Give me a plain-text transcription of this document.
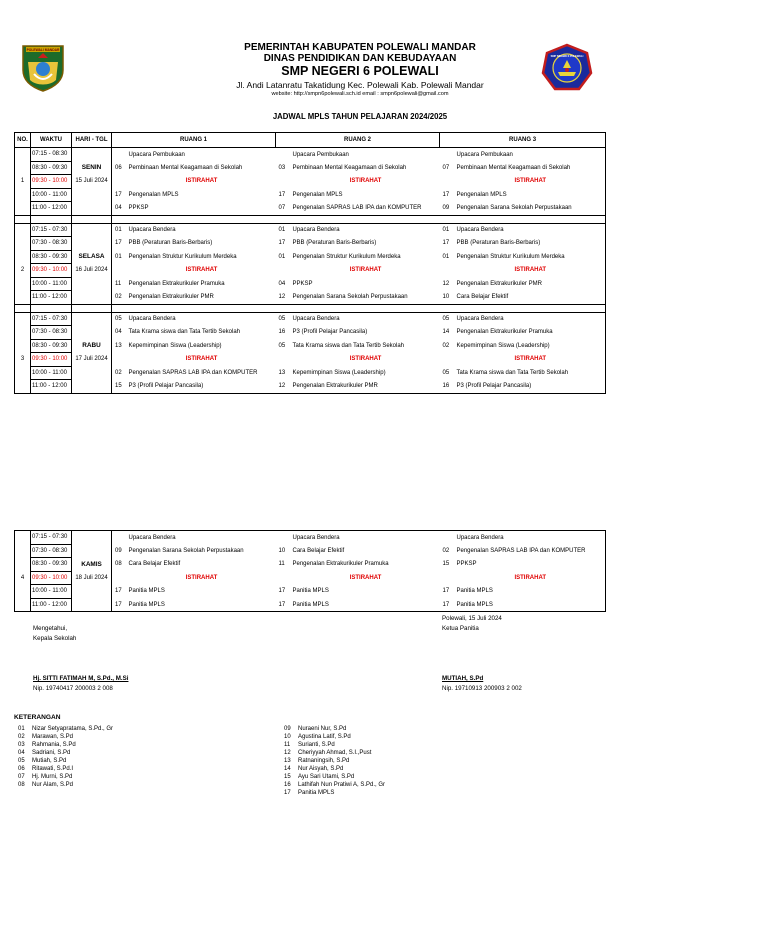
POLEWALI MANDAR	PEMERINTAH KABUPATEN POLEWALI MANDAR
DINAS PENDIDIKAN DAN KEBUDAYAAN
SMP NEGERI 6 POLEWALI
Jl. Andi Latanratu Takatidung Kec. Polewali Kab. Polewali Mandar
website: http://smpn6polewali.sch.id email : smpn6polewali@gmail.com
SMP NEGERI 6 POLEWALI
JADWAL MPLS TAHUN PELAJARAN 2024/2025
NO.	WAKTU	HARI - TGL	RUANG 1		RUANG 2		RUANG 3	
	07:15 - 08:30			Upacara Pembukaan		Upacara Pembukaan		Upacara Pembukaan
	08:30 - 09:30	SENIN	06	Pembinaan Mental Keagamaan di Sekolah	03	Pembinaan Mental Keagamaan di Sekolah	07	Pembinaan Mental Keagamaan di Sekolah
1	09:30 - 10:00	15 Juli 2024		ISTIRAHAT		ISTIRAHAT		ISTIRAHAT
	10:00 - 11:00		17	Pengenalan MPLS	17	Pengenalan MPLS	17	Pengenalan MPLS
	11:00 - 12:00		04	PPKSP	07	Pengenalan SAPRAS LAB IPA dan KOMPUTER	09	Pengenalan Sarana Sekolah Perpustakaan

	07:15 - 07:30		01	Upacara Bendera	01	Upacara Bendera	01	Upacara Bendera
	07:30 - 08:30		17	PBB (Peraturan Baris-Berbaris)	17	PBB (Peraturan Baris-Berbaris)	17	PBB (Peraturan Baris-Berbaris)
	08:30 - 09:30	SELASA	01	Pengenalan Struktur Kurikulum Merdeka	01	Pengenalan Struktur Kurikulum Merdeka	01	Pengenalan Struktur Kurikulum Merdeka
2	09:30 - 10:00	16 Juli 2024		ISTIRAHAT		ISTIRAHAT		ISTIRAHAT
	10:00 - 11:00		11	Pengenalan Ektrakurikuler Pramuka	04	PPKSP	12	Pengenalan Ektrakurikuler PMR
	11:00 - 12:00		02	Pengenalan Ektrakurikuler PMR	12	Pengenalan Sarana Sekolah Perpustakaan	10	Cara Belajar Efektif

	07:15 - 07:30		05	Upacara Bendera	05	Upacara Bendera	05	Upacara Bendera
	07:30 - 08:30		04	Tata Krama siswa dan Tata Tertib Sekolah	16	P3 (Profil Pelajar Pancasila)	14	Pengenalan Ektrakurikuler Pramuka
	08:30 - 09:30	RABU	13	Kepemimpinan Siswa (Leadership)	05	Tata Krama siswa dan Tata Tertib Sekolah	02	Kepemimpinan Siswa (Leadership)
3	09:30 - 10:00	17 Juli 2024		ISTIRAHAT		ISTIRAHAT		ISTIRAHAT
	10:00 - 11:00		02	Pengenalan SAPRAS LAB IPA dan KOMPUTER	13	Kepemimpinan Siswa (Leadership)	05	Tata Krama siswa dan Tata Tertib Sekolah
	11:00 - 12:00		15	P3 (Profil Pelajar Pancasila)	12	Pengenalan Ektrakurikuler PMR	16	P3 (Profil Pelajar Pancasila)
	07:15 - 07:30			Upacara Bendera		Upacara Bendera		Upacara Bendera
	07:30 - 08:30		09	Pengenalan Sarana Sekolah Perpustakaan	10	Cara Belajar Efektif	02	Pengenalan SAPRAS LAB IPA dan KOMPUTER
	08:30 - 09:30	KAMIS	08	Cara Belajar Efektif	11	Pengenalan Ektrakurikuler Pramuka	15	PPKSP
4	09:30 - 10:00	18 Juli 2024		ISTIRAHAT		ISTIRAHAT		ISTIRAHAT
	10:00 - 11:00		17	Panitia MPLS	17	Panitia MPLS	17	Panitia MPLS
	11:00 - 12:00		17	Panitia MPLS	17	Panitia MPLS	17	Panitia MPLS
Mengetahui,
Kepala Sekolah
Hj. SITTI FATIMAH M, S.Pd., M.Si
Nip. 19740417 200003 2 008
Polewali, 15 Juli 2024
Ketua Panitia
MUTIAH, S.Pd
Nip. 19710913 200903 2 002
KETERANGAN
01 Nizar Setyapratama, S.Pd., Gr
02 Marawan, S.Pd
03 Rahmania, S.Pd
04 Sadriani, S.Pd
05 Mutiah, S.Pd
06 Ritawati, S.Pd.I
07 Hj. Murni, S.Pd
08 Nur Alam, S.Pd
09 Nuraeni Nur, S.Pd
10 Agustina Latif, S.Pd
11 Surianti, S.Pd
12 Cheriyyah Ahmad, S.I.,Pust
13 Ratnaningsih, S.Pd
14 Nur Aisyah, S.Pd
15 Ayu Sari Utami, S.Pd
16 Lathifah Nun Pratiwi A, S.Pd., Gr
17 Panitia MPLS
